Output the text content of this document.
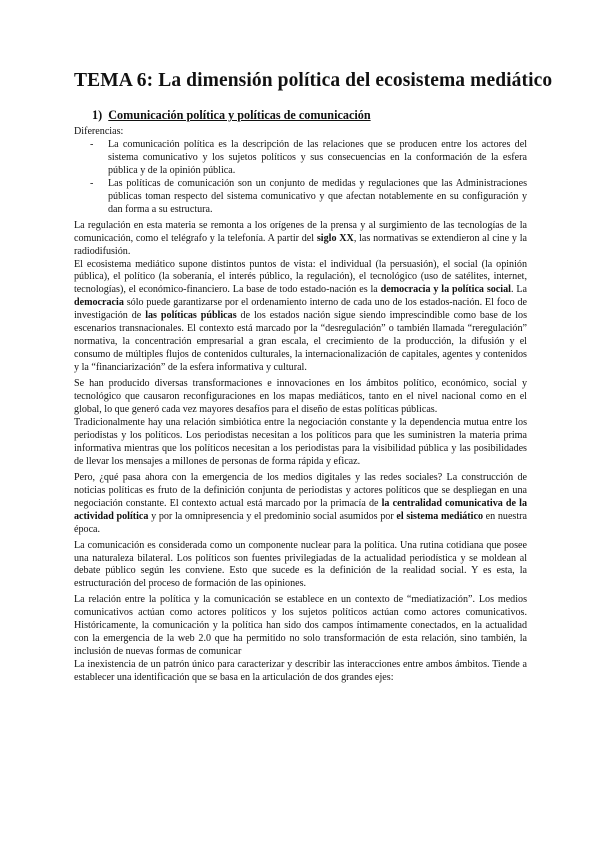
TEMA 6: La dimensión política del ecosistema mediático
1) Comunicación política y políticas de comunicación
Diferencias:
- La comunicación política es la descripción de las relaciones que se producen entre los actores del sistema comunicativo y los sujetos políticos y sus consecuencias en la conformación de la esfera pública y de la opinión pública.
- Las políticas de comunicación son un conjunto de medidas y regulaciones que las Administraciones públicas toman respecto del sistema comunicativo y que afectan notablemente en su configuración y dan forma a su estructura.

La regulación en esta materia se remonta a los orígenes de la prensa y al surgimiento de las tecnologías de la comunicación, como el telégrafo y la telefonía. A partir del siglo XX, las normativas se extendieron al cine y la radiodifusión.

El ecosistema mediático supone distintos puntos de vista: el individual (la persuasión), el social (la opinión pública), el político (la soberanía, el interés público, la regulación), el tecnológico (uso de satélites, internet, tecnologías), el económico-financiero. La base de todo estado-nación es la democracia y la política social. La democracia sólo puede garantizarse por el ordenamiento interno de cada uno de los estados-nación. El foco de investigación de las políticas públicas de los estados nación sigue siendo imprescindible como base de los escenarios transnacionales. El contexto está marcado por la “desregulación” o también llamada “reregulación” normativa, la concentración empresarial a gran escala, el crecimiento de la producción, la difusión y el consumo de múltiples flujos de contenidos culturales, la internacionalización de capitales, agentes y contenidos y la “financiarización” de la esfera informativa y cultural.

Se han producido diversas transformaciones e innovaciones en los ámbitos político, económico, social y tecnológico que causaron reconfiguraciones en los mapas mediáticos, tanto en el nivel nacional como en el global, lo que generó cada vez mayores desafíos para el diseño de estas políticas públicas.

Tradicionalmente hay una relación simbiótica entre la negociación constante y la dependencia mutua entre los periodistas y los políticos. Los periodistas necesitan a los políticos para que les suministren la materia prima informativa mientras que los políticos necesitan a los periodistas para la visibilidad pública y las posibilidades de llevar los mensajes a millones de personas de forma rápida y eficaz.

Pero, ¿qué pasa ahora con la emergencia de los medios digitales y las redes sociales? La construcción de noticias políticas es fruto de la definición conjunta de periodistas y actores políticos que se despliegan en una negociación constante. El contexto actual está marcado por la primacía de la centralidad comunicativa de la actividad política y por la omnipresencia y el predominio social asumidos por el sistema mediático en nuestra época.

La comunicación es considerada como un componente nuclear para la política. Una rutina cotidiana que posee una naturaleza bilateral. Los políticos son fuentes privilegiadas de la actualidad periodística y se moldean al debate público según les conviene. Esto que sucede es la definición de la realidad social. Y es esta, la estructuración del proceso de formación de las opiniones.

La relación entre la política y la comunicación se establece en un contexto de “mediatización”. Los medios comunicativos actúan como actores políticos y los sujetos políticos actúan como actores comunicativos. Históricamente, la comunicación y la política han sido dos campos íntimamente conectados, en la actualidad con la emergencia de la web 2.0 que ha permitido no solo transformación de esta relación, sino también, la inclusión de nuevas formas de comunicar

La inexistencia de un patrón único para caracterizar y describir las interacciones entre ambos ámbitos. Tiende a establecer una identificación que se basa en la articulación de dos grandes ejes:
